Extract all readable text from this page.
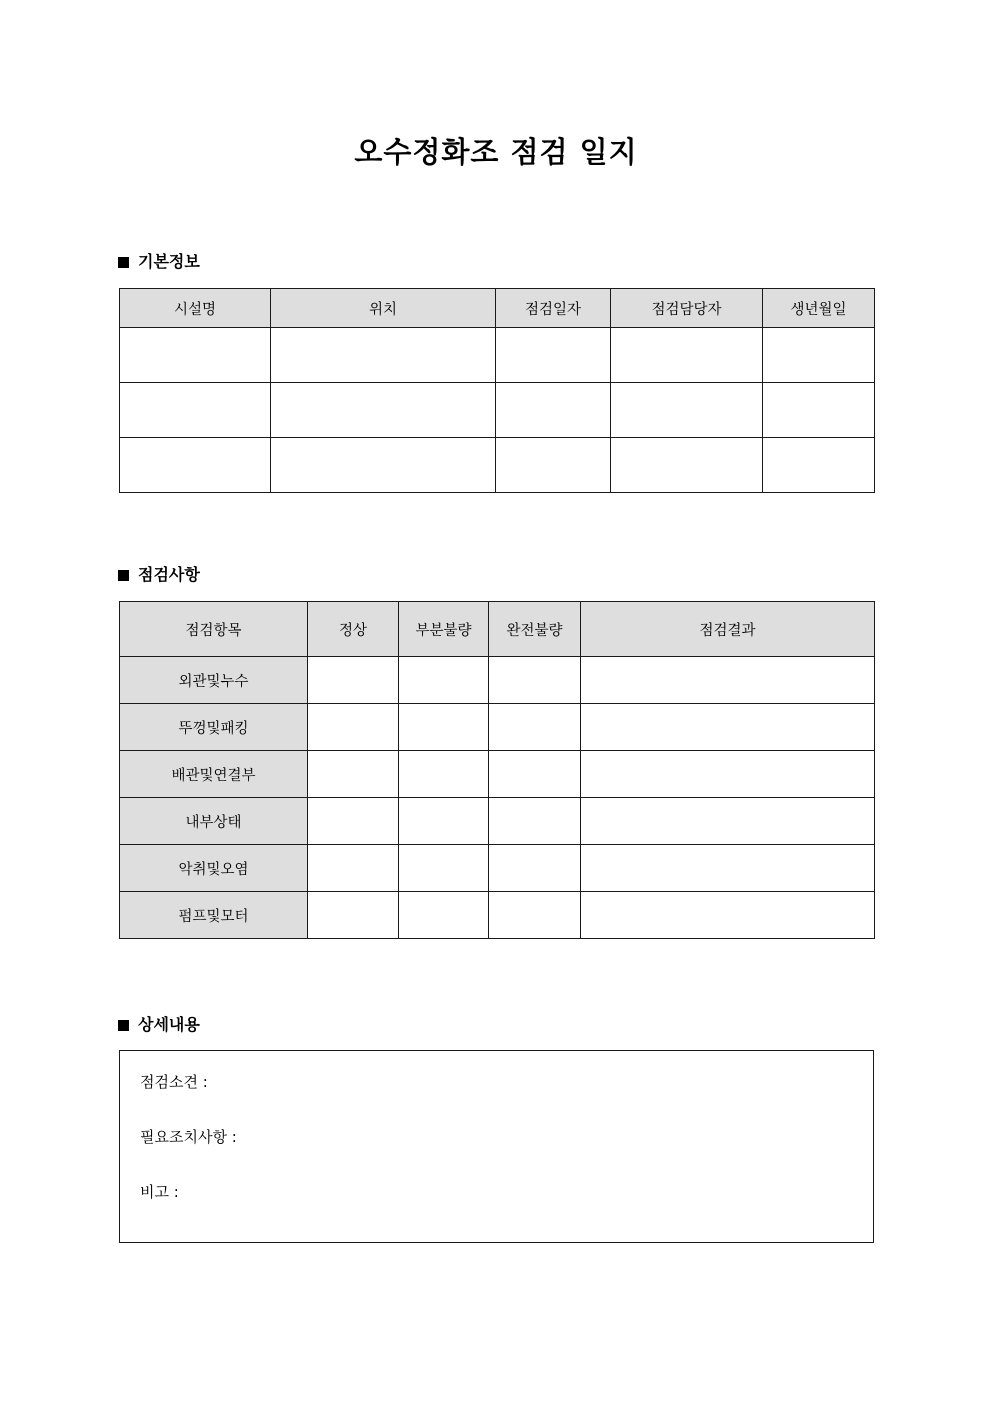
오수정화조 점검 일지
기본정보
시설명	위치	점검일자	점검담당자	생년월일

점검사항
점검항목	정상	부분불량	완전불량	점검결과
외관및누수				
뚜껑및패킹				
배관및연결부				
내부상태				
악취및오염				
펌프및모터				
상세내용
점검소견 :
필요조치사항 :
비고 :
